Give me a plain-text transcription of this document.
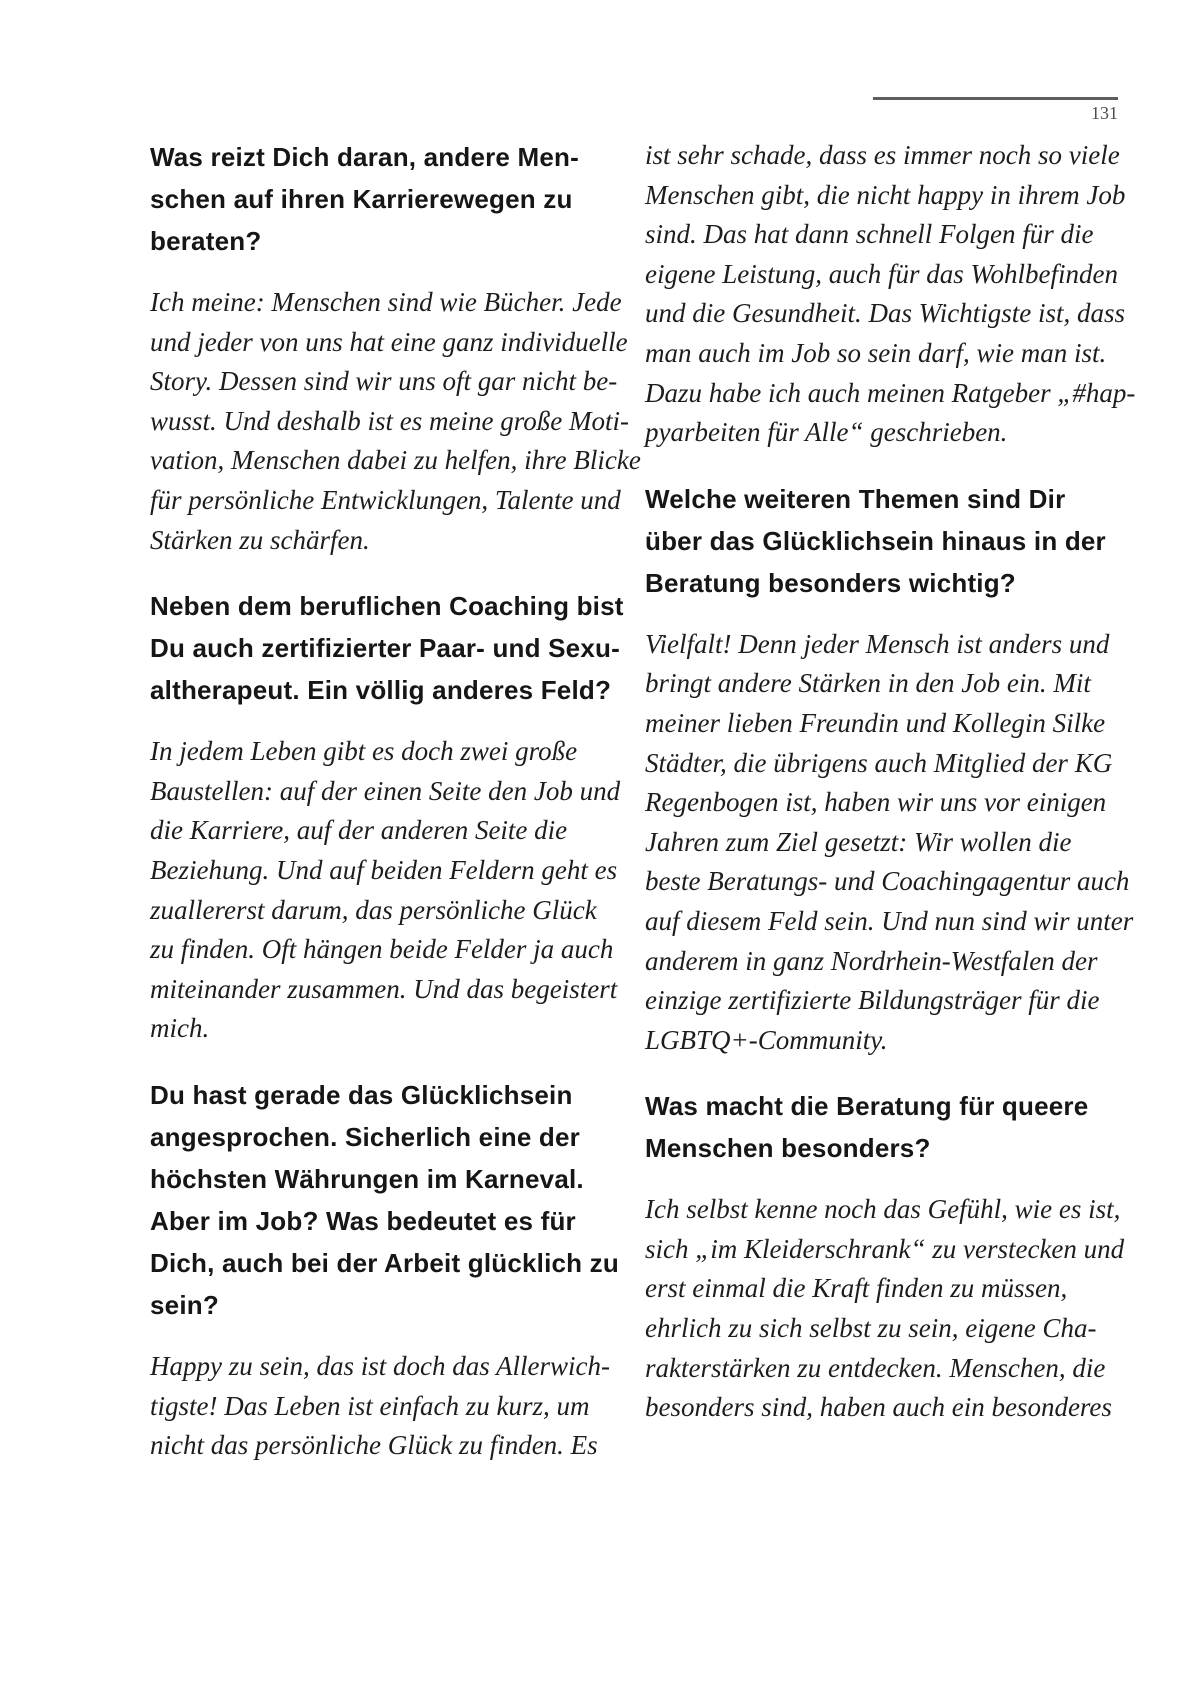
131
Was reizt Dich daran, andere Men-
schen auf ihren Karrierewegen zu
beraten?
Ich meine: Menschen sind wie Bücher. Jede
und jeder von uns hat eine ganz individuelle
Story. Dessen sind wir uns oft gar nicht be-
wusst. Und deshalb ist es meine große Moti-
vation, Menschen dabei zu helfen, ihre Blicke
für persönliche Entwicklungen, Talente und
Stärken zu schärfen.
Neben dem beruflichen Coaching bist
Du auch zertifizierter Paar- und Sexu-
altherapeut. Ein völlig anderes Feld?
In jedem Leben gibt es doch zwei große
Baustellen: auf der einen Seite den Job und
die Karriere, auf der anderen Seite die
Beziehung. Und auf beiden Feldern geht es
zuallererst darum, das persönliche Glück
zu finden. Oft hängen beide Felder ja auch
miteinander zusammen. Und das begeistert
mich.
Du hast gerade das Glücklichsein
angesprochen. Sicherlich eine der
höchsten Währungen im Karneval.
Aber im Job? Was bedeutet es für
Dich, auch bei der Arbeit glücklich zu
sein?
Happy zu sein, das ist doch das Allerwich-
tigste! Das Leben ist einfach zu kurz, um
nicht das persönliche Glück zu finden. Es
ist sehr schade, dass es immer noch so viele
Menschen gibt, die nicht happy in ihrem Job
sind. Das hat dann schnell Folgen für die
eigene Leistung, auch für das Wohlbefinden
und die Gesundheit. Das Wichtigste ist, dass
man auch im Job so sein darf, wie man ist.
Dazu habe ich auch meinen Ratgeber „#hap-
pyarbeiten für Alle“ geschrieben.
Welche weiteren Themen sind Dir
über das Glücklichsein hinaus in der
Beratung besonders wichtig?
Vielfalt! Denn jeder Mensch ist anders und
bringt andere Stärken in den Job ein. Mit
meiner lieben Freundin und Kollegin Silke
Städter, die übrigens auch Mitglied der KG
Regenbogen ist, haben wir uns vor einigen
Jahren zum Ziel gesetzt: Wir wollen die
beste Beratungs- und Coachingagentur auch
auf diesem Feld sein. Und nun sind wir unter
anderem in ganz Nordrhein-Westfalen der
einzige zertifizierte Bildungsträger für die
LGBTQ+-Community.
Was macht die Beratung für queere
Menschen besonders?
Ich selbst kenne noch das Gefühl, wie es ist,
sich „im Kleiderschrank“ zu verstecken und
erst einmal die Kraft finden zu müssen,
ehrlich zu sich selbst zu sein, eigene Cha-
rakterstärken zu entdecken. Menschen, die
besonders sind, haben auch ein besonderes
